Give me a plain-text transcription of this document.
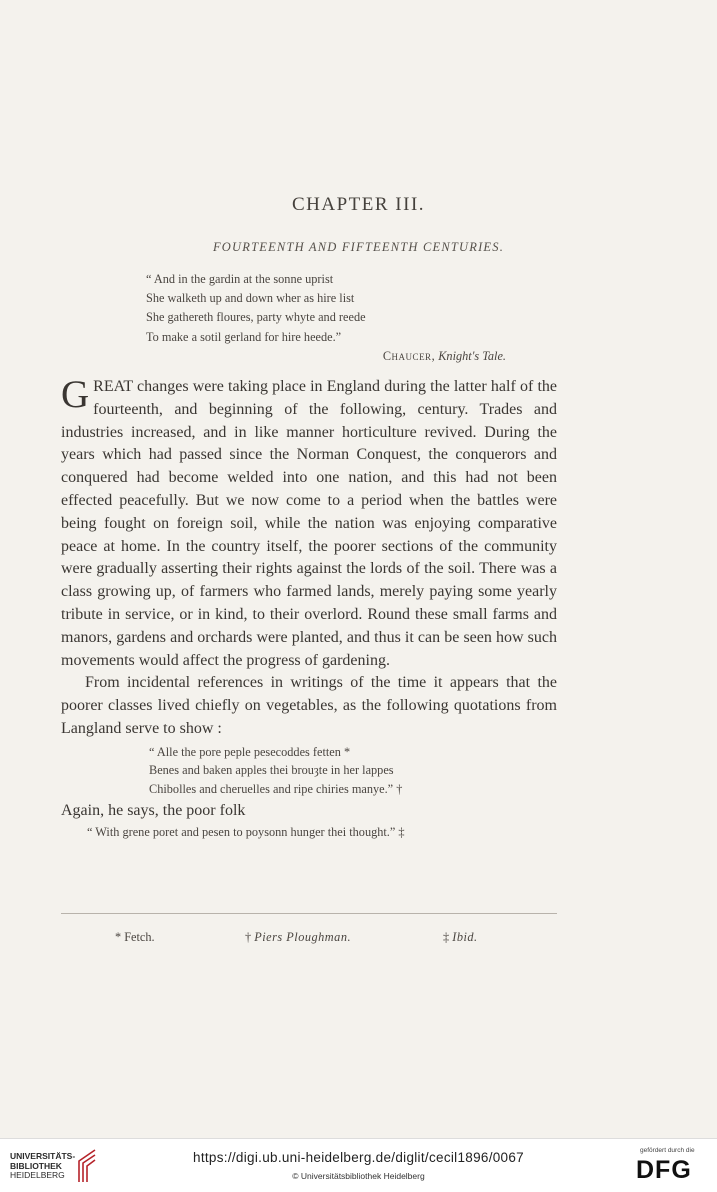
CHAPTER III.
FOURTEENTH AND FIFTEENTH CENTURIES.
“ And in the gardin at the sonne uprist
She walketh up and down wher as hire list
She gathereth floures, party whyte and reede
To make a sotil gerland for hire heede.”
Chaucer, Knight's Tale.

GREAT changes were taking place in England during the latter half of the fourteenth, and beginning of the following, century. Trades and industries increased, and in like manner horticulture revived. During the years which had passed since the Norman Conquest, the conquerors and conquered had become welded into one nation, and this had not been effected peacefully. But we now come to a period when the battles were being fought on foreign soil, while the nation was enjoying comparative peace at home. In the country itself, the poorer sections of the community were gradually asserting their rights against the lords of the soil. There was a class growing up, of farmers who farmed lands, merely paying some yearly tribute in service, or in kind, to their overlord. Round these small farms and manors, gardens and orchards were planted, and thus it can be seen how such movements would affect the progress of gardening.

From incidental references in writings of the time it appears that the poorer classes lived chiefly on vegetables, as the following quotations from Langland serve to show :

“ Alle the pore peple pesecoddes fetten *
Benes and baken apples thei brouȝte in her lappes
Chibolles and cheruelles and ripe chiries manye.” †

Again, he says, the poor folk

“ With grene poret and pesen to poysonn hunger thei thought.” ‡
* Fetch.	† Piers Ploughman.	‡ Ibid.
UNIVERSITÄTS-
BIBLIOTHEK
HEIDELBERG
https://digi.ub.uni-heidelberg.de/diglit/cecil1896/0067
© Universitätsbibliothek Heidelberg
gefördert durch die
DFG
